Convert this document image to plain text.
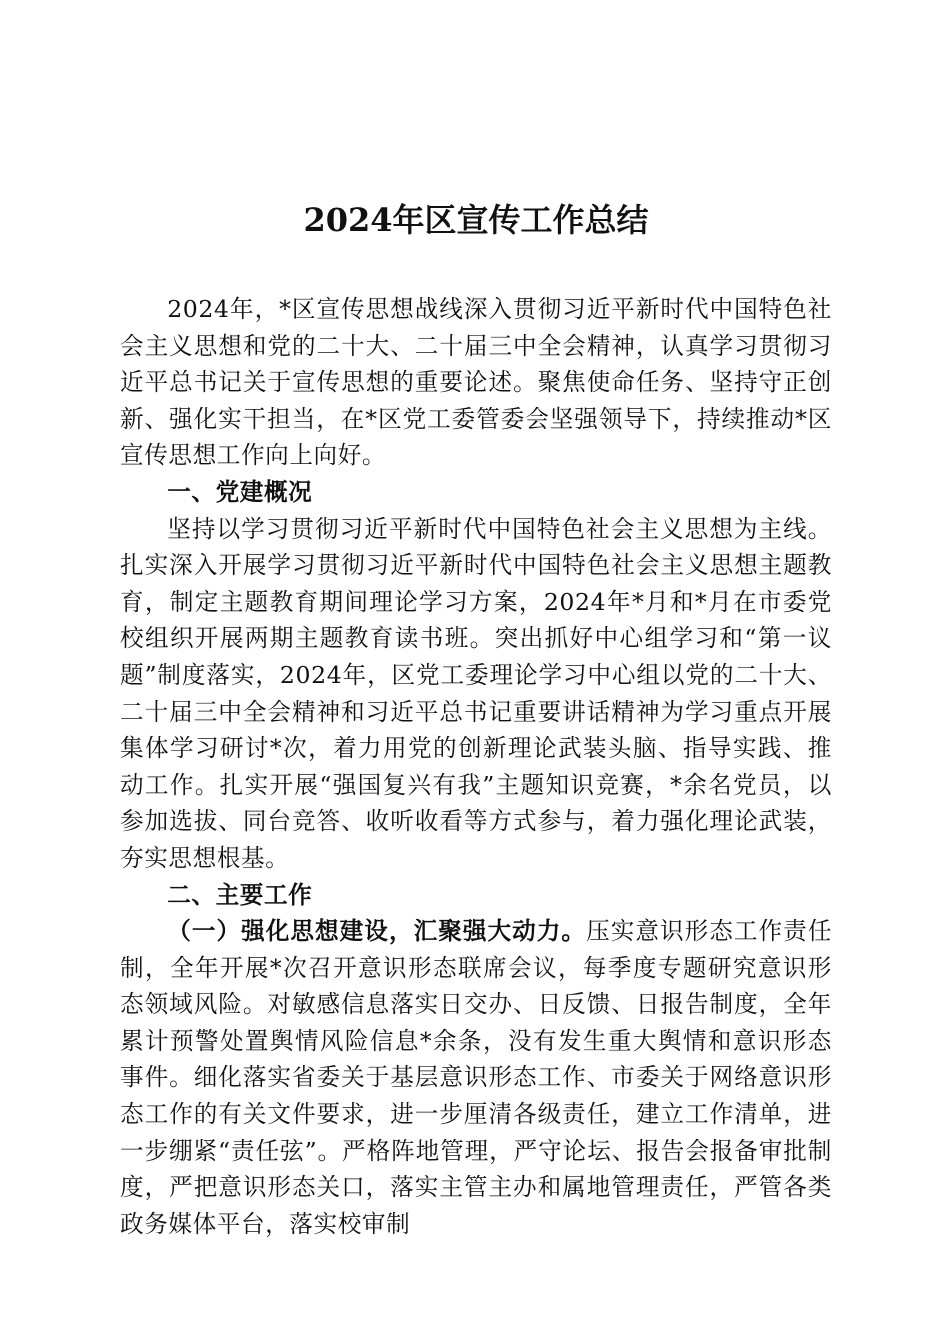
2024年区宣传工作总结

2024年，*区宣传思想战线深入贯彻习近平新时代中国特色社会主义思想和党的二十大、二十届三中全会精神，认真学习贯彻习近平总书记关于宣传思想的重要论述。聚焦使命任务、坚持守正创新、强化实干担当，在*区党工委管委会坚强领导下，持续推动*区宣传思想工作向上向好。

一、党建概况

坚持以学习贯彻习近平新时代中国特色社会主义思想为主线。扎实深入开展学习贯彻习近平新时代中国特色社会主义思想主题教育，制定主题教育期间理论学习方案，2024年*月和*月在市委党校组织开展两期主题教育读书班。突出抓好中心组学习和“第一议题”制度落实，2024年，区党工委理论学习中心组以党的二十大、二十届三中全会精神和习近平总书记重要讲话精神为学习重点开展集体学习研讨*次，着力用党的创新理论武装头脑、指导实践、推动工作。扎实开展“强国复兴有我”主题知识竞赛，*余名党员，以参加选拔、同台竞答、收听收看等方式参与，着力强化理论武装，夯实思想根基。

二、主要工作

（一）强化思想建设，汇聚强大动力。压实意识形态工作责任制，全年开展*次召开意识形态联席会议，每季度专题研究意识形态领域风险。对敏感信息落实日交办、日反馈、日报告制度，全年累计预警处置舆情风险信息*余条，没有发生重大舆情和意识形态事件。细化落实省委关于基层意识形态工作、市委关于网络意识形态工作的有关文件要求，进一步厘清各级责任，建立工作清单，进一步绷紧“责任弦”。严格阵地管理，严守论坛、报告会报备审批制度，严把意识形态关口，落实主管主办和属地管理责任，严管各类政务媒体平台，落实校审制
